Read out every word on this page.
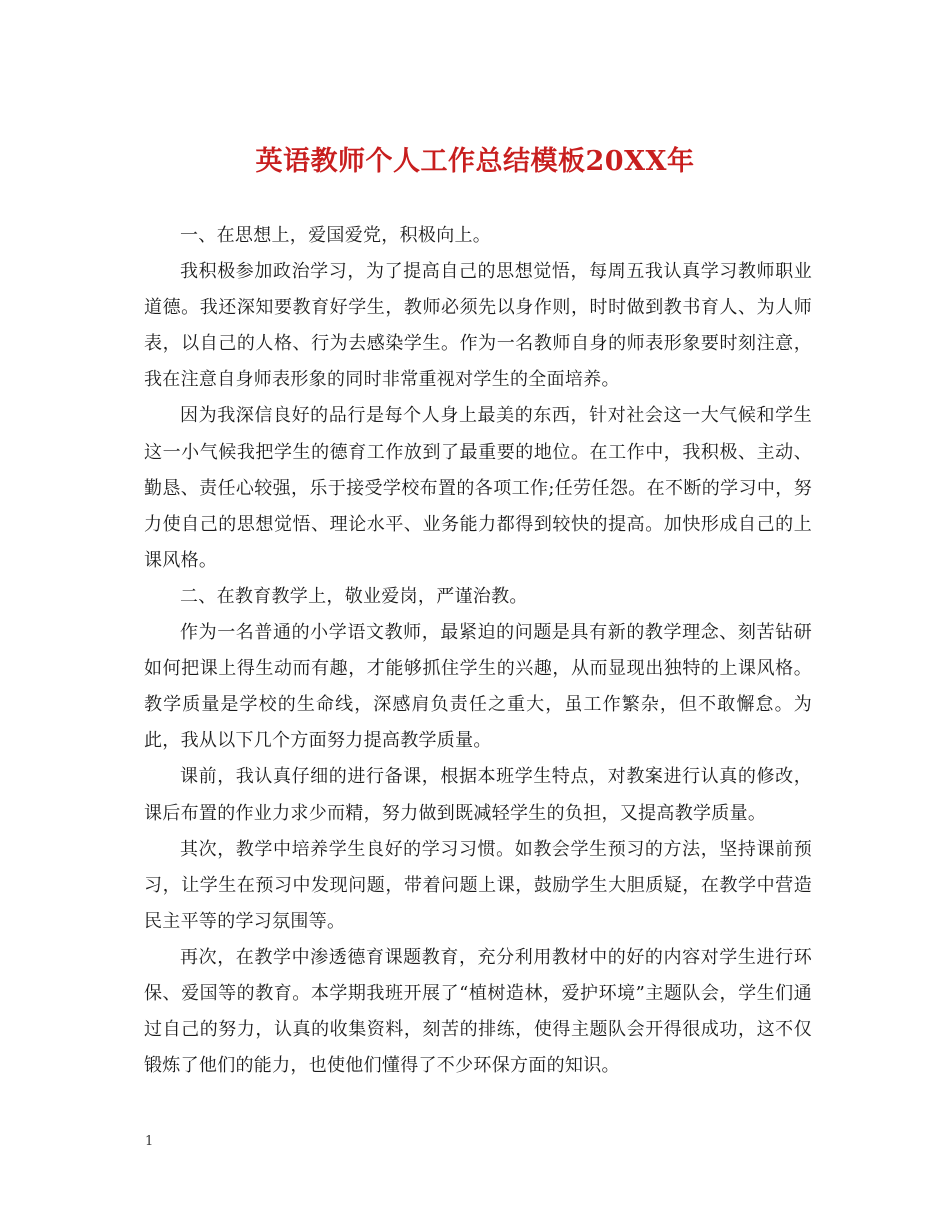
英语教师个人工作总结模板20XX年

一、在思想上，爱国爱党，积极向上。

我积极参加政治学习，为了提高自己的思想觉悟，每周五我认真学习教师职业道德。我还深知要教育好学生，教师必须先以身作则，时时做到教书育人、为人师表，以自己的人格、行为去感染学生。作为一名教师自身的师表形象要时刻注意，我在注意自身师表形象的同时非常重视对学生的全面培养。

因为我深信良好的品行是每个人身上最美的东西，针对社会这一大气候和学生这一小气候我把学生的德育工作放到了最重要的地位。在工作中，我积极、主动、勤恳、责任心较强，乐于接受学校布置的各项工作;任劳任怨。在不断的学习中，努力使自己的思想觉悟、理论水平、业务能力都得到较快的提高。加快形成自己的上课风格。

二、在教育教学上，敬业爱岗，严谨治教。

作为一名普通的小学语文教师，最紧迫的问题是具有新的教学理念、刻苦钻研如何把课上得生动而有趣，才能够抓住学生的兴趣，从而显现出独特的上课风格。教学质量是学校的生命线，深感肩负责任之重大，虽工作繁杂，但不敢懈怠。为此，我从以下几个方面努力提高教学质量。

课前，我认真仔细的进行备课，根据本班学生特点，对教案进行认真的修改，课后布置的作业力求少而精，努力做到既减轻学生的负担，又提高教学质量。

其次，教学中培养学生良好的学习习惯。如教会学生预习的方法，坚持课前预习，让学生在预习中发现问题，带着问题上课，鼓励学生大胆质疑，在教学中营造民主平等的学习氛围等。

再次，在教学中渗透德育课题教育，充分利用教材中的好的内容对学生进行环保、爱国等的教育。本学期我班开展了“植树造林，爱护环境”主题队会，学生们通过自己的努力，认真的收集资料，刻苦的排练，使得主题队会开得很成功，这不仅锻炼了他们的能力，也使他们懂得了不少环保方面的知识。

1
